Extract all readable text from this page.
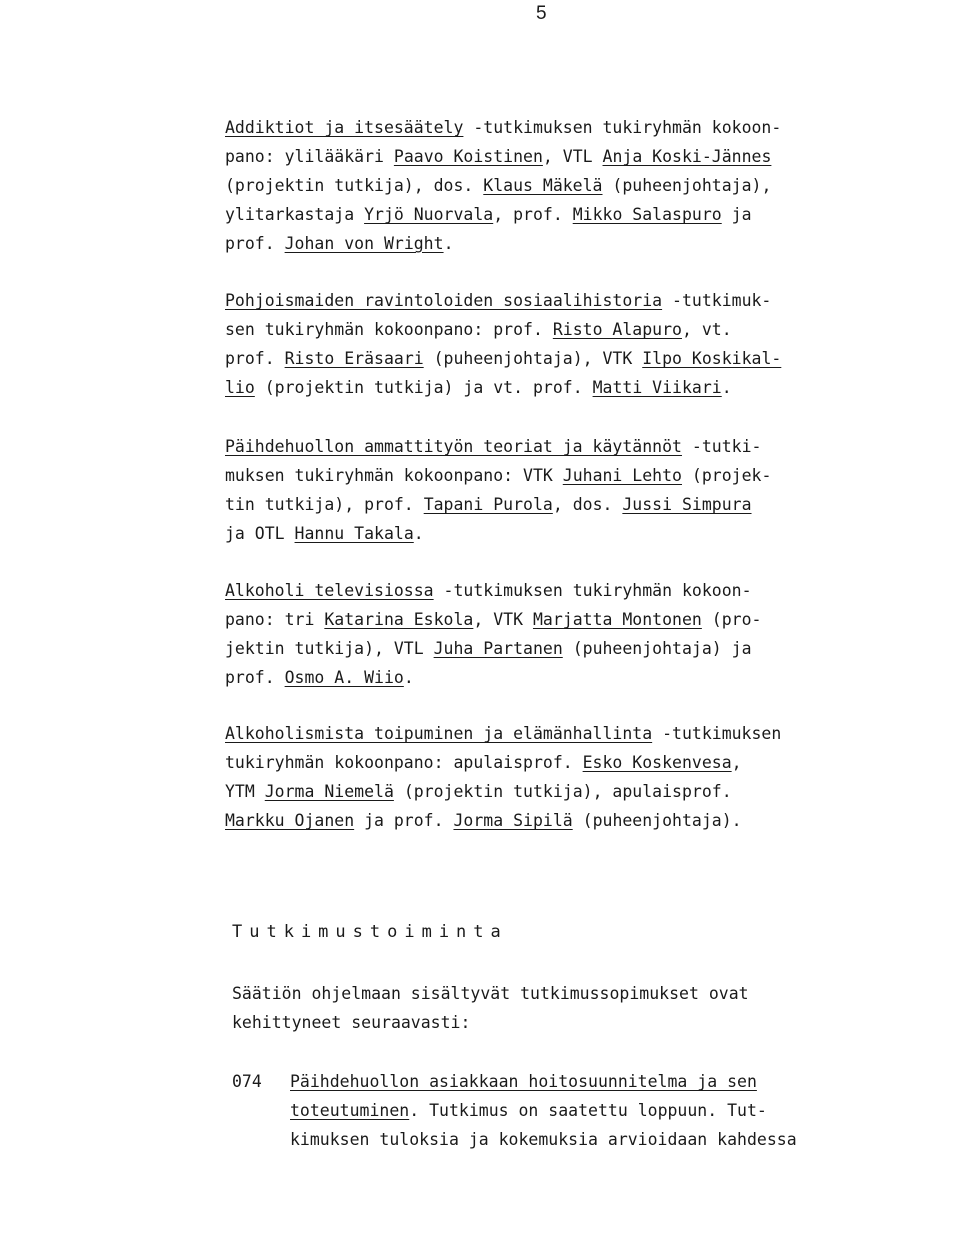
5
Addiktiot ja itsesäätely -tutkimuksen tukiryhmän kokoon-
pano: ylilääkäri Paavo Koistinen, VTL Anja Koski-Jännes
(projektin tutkija), dos. Klaus Mäkelä (puheenjohtaja),
ylitarkastaja Yrjö Nuorvala, prof. Mikko Salaspuro ja
prof. Johan von Wright.
Pohjoismaiden ravintoloiden sosiaalihistoria -tutkimuk-
sen tukiryhmän kokoonpano: prof. Risto Alapuro, vt.
prof. Risto Eräsaari (puheenjohtaja), VTK Ilpo Koskikal-
lio (projektin tutkija) ja vt. prof. Matti Viikari.
Päihdehuollon ammattityön teoriat ja käytännöt -tutki-
muksen tukiryhmän kokoonpano: VTK Juhani Lehto (projek-
tin tutkija), prof. Tapani Purola, dos. Jussi Simpura
ja OTL Hannu Takala.
Alkoholi televisiossa -tutkimuksen tukiryhmän kokoon-
pano: tri Katarina Eskola, VTK Marjatta Montonen (pro-
jektin tutkija), VTL Juha Partanen (puheenjohtaja) ja
prof. Osmo A. Wiio.
Alkoholismista toipuminen ja elämänhallinta -tutkimuksen
tukiryhmän kokoonpano: apulaisprof. Esko Koskenvesa,
YTM Jorma Niemelä (projektin tutkija), apulaisprof.
Markku Ojanen ja prof. Jorma Sipilä (puheenjohtaja).
Tutkimustoiminta
Säätiön ohjelmaan sisältyvät tutkimussopimukset ovat
kehittyneet seuraavasti:
074 Päihdehuollon asiakkaan hoitosuunnitelma ja sen
toteutuminen. Tutkimus on saatettu loppuun. Tut-
kimuksen tuloksia ja kokemuksia arvioidaan kahdessa
